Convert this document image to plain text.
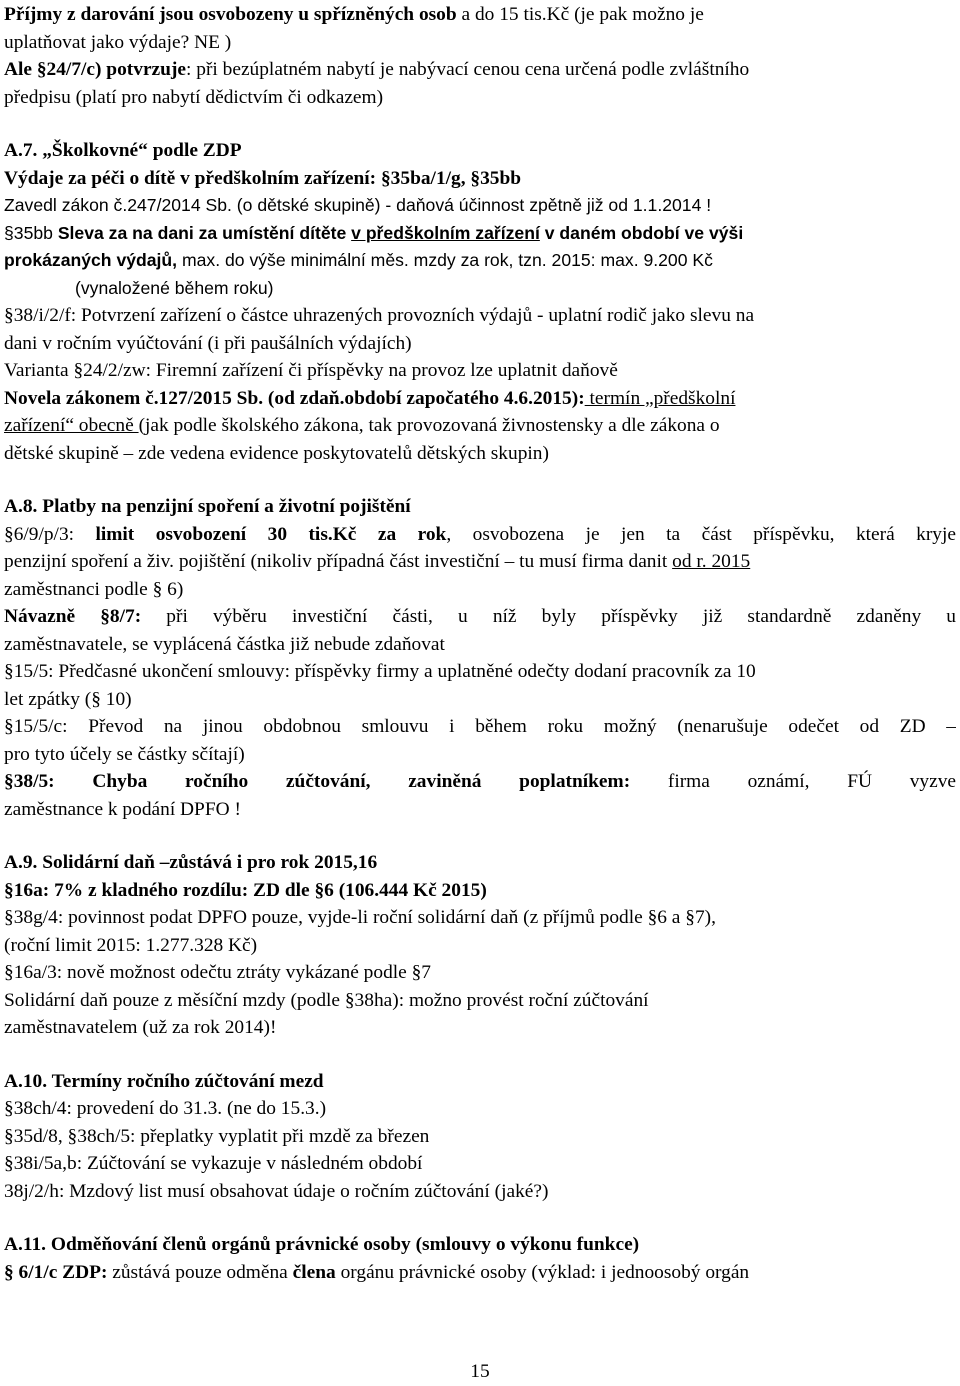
Příjmy z darování jsou osvobozeny u spřízněných osob a do 15 tis.Kč (je pak možno je
uplatňovat jako výdaje? NE )
Ale §24/7/c) potvrzuje: při bezúplatném nabytí je nabývací cenou cena určená podle zvláštního
předpisu (platí pro nabytí dědictvím či odkazem)
A.7. „Školkovné“ podle ZDP
Výdaje za péči o dítě v předškolním zařízení: §35ba/1/g, §35bb
Zavedl zákon č.247/2014 Sb. (o dětské skupině) - daňová účinnost zpětně již od 1.1.2014 !
§35bb Sleva za na dani za umístění dítěte v předškolním zařízení v daném období ve výši
prokázaných výdajů, max. do výše minimální měs. mzdy za rok, tzn. 2015: max. 9.200 Kč
(vynaložené během roku)
§38/i/2/f: Potvrzení zařízení o částce uhrazených provozních výdajů - uplatní rodič jako slevu na
dani v ročním vyúčtování (i při paušálních výdajích)
Varianta §24/2/zw: Firemní zařízení či příspěvky na provoz lze uplatnit daňově
Novela zákonem č.127/2015 Sb. (od zdaň.období započatého 4.6.2015): termín „předškolní
zařízení“ obecně (jak podle školského zákona, tak provozovaná živnostensky a dle zákona o
dětské skupině – zde vedena evidence poskytovatelů dětských skupin)
A.8. Platby na penzijní spoření a životní pojištění
§6/9/p/3: limit osvobození 30 tis.Kč za rok, osvobozena je jen ta část příspěvku, která kryje
penzijní spoření a živ. pojištění (nikoliv případná část investiční – tu musí firma danit od r. 2015
zaměstnanci podle § 6)
Návazně §8/7: při výběru investiční části, u níž byly příspěvky již standardně zdaněny u
zaměstnavatele, se vyplácená částka již nebude zdaňovat
§15/5: Předčasné ukončení smlouvy: příspěvky firmy a uplatněné odečty dodaní pracovník za 10
let zpátky (§ 10)
§15/5/c: Převod na jinou obdobnou smlouvu i během roku možný (nenarušuje odečet od ZD –
pro tyto účely se částky sčítají)
§38/5: Chyba ročního zúčtování, zaviněná poplatníkem: firma oznámí, FÚ vyzve
zaměstnance k podání DPFO !
A.9. Solidární daň –zůstává i pro rok 2015,16
§16a: 7% z kladného rozdílu: ZD dle §6 (106.444 Kč 2015)
§38g/4: povinnost podat DPFO pouze, vyjde-li roční solidární daň (z příjmů podle §6 a §7),
(roční limit 2015: 1.277.328 Kč)
§16a/3: nově možnost odečtu ztráty vykázané podle §7
Solidární daň pouze z měsíční mzdy (podle §38ha): možno provést roční zúčtování
zaměstnavatelem (už za rok 2014)!
A.10. Termíny ročního zúčtování mezd
§38ch/4: provedení do 31.3. (ne do 15.3.)
§35d/8, §38ch/5: přeplatky vyplatit při mzdě za březen
§38i/5a,b: Zúčtování se vykazuje v následném období
38j/2/h: Mzdový list musí obsahovat údaje o ročním zúčtování (jaké?)
A.11. Odměňování členů orgánů právnické osoby (smlouvy o výkonu funkce)
§ 6/1/c ZDP: zůstává pouze odměna člena orgánu právnické osoby (výklad: i jednoosobý orgán
15
